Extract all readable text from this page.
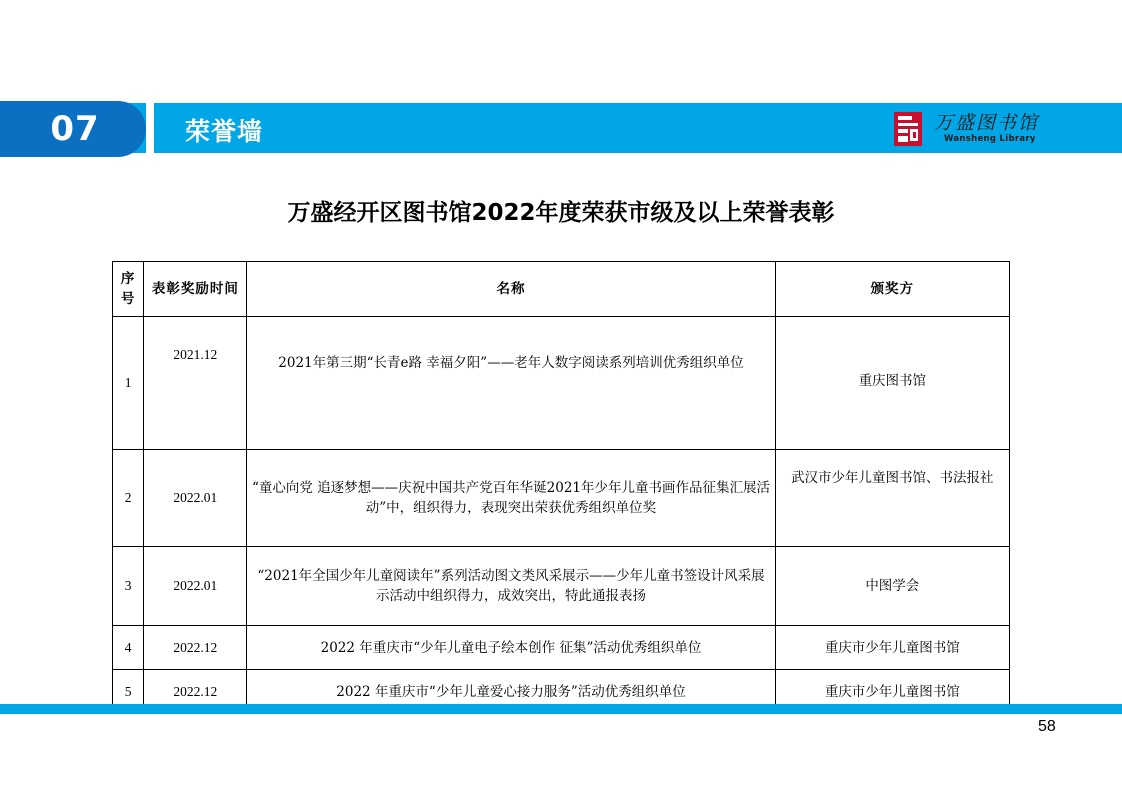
07	荣誉墙	万盛图书馆
Wansheng Library
万盛经开区图书馆2022年度荣获市级及以上荣誉表彰
序号	表彰奖励时间	名称	颁奖方
1	2021.12	2021年第三期“长青e路 幸福夕阳”——老年人数字阅读系列培训优秀组织单位	重庆图书馆
2	2022.01	“童心向党 追逐梦想——庆祝中国共产党百年华诞2021年少年儿童书画作品征集汇展活动”中，组织得力，表现突出荣获优秀组织单位奖	武汉市少年儿童图书馆、书法报社
3	2022.01	“2021年全国少年儿童阅读年”系列活动图文类风采展示——少年儿童书签设计风采展示活动中组织得力，成效突出，特此通报表扬	中图学会
4	2022.12	2022 年重庆市“少年儿童电子绘本创作 征集”活动优秀组织单位	重庆市少年儿童图书馆
5	2022.12	2022 年重庆市“少年儿童爱心接力服务”活动优秀组织单位	重庆市少年儿童图书馆
58
